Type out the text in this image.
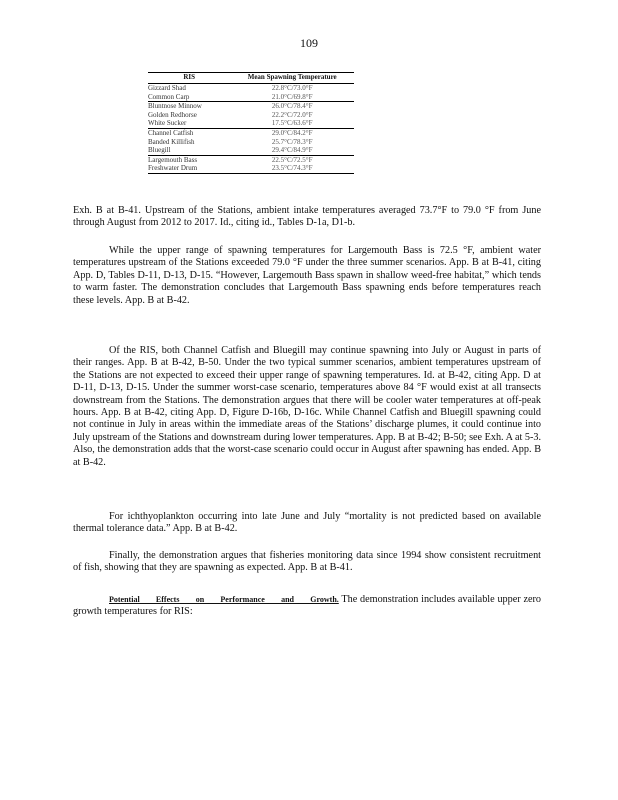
109
RIS	Mean Spawning Temperature
Gizzard Shad	22.8°C/73.0°F
Common Carp	21.0°C/69.8°F
Bluntnose Minnow	26.0°C/78.4°F
Golden Redhorse	22.2°C/72.0°F
White Sucker	17.5°C/63.6°F
Channel Catfish	29.0°C/84.2°F
Banded Killifish	25.7°C/78.3°F
Bluegill	29.4°C/84.9°F
Largemouth Bass	22.5°C/72.5°F
Freshwater Drum	23.5°C/74.3°F

Exh. B at B-41. Upstream of the Stations, ambient intake temperatures averaged 73.7°F to 79.0 °F from June through August from 2012 to 2017. Id., citing id., Tables D-1a, D1-b.

While the upper range of spawning temperatures for Largemouth Bass is 72.5 °F, ambient water temperatures upstream of the Stations exceeded 79.0 °F under the three summer scenarios. App. B at B-41, citing App. D, Tables D-11, D-13, D-15. “However, Largemouth Bass spawn in shallow weed-free habitat,” which tends to warm faster. The demonstration concludes that Largemouth Bass spawning ends before temperatures reach these levels. App. B at B-42.

Of the RIS, both Channel Catfish and Bluegill may continue spawning into July or August in parts of their ranges. App. B at B-42, B-50. Under the two typical summer scenarios, ambient temperatures upstream of the Stations are not expected to exceed their upper range of spawning temperatures. Id. at B-42, citing App. D at D-11, D-13, D-15. Under the summer worst-case scenario, temperatures above 84 °F would exist at all transects downstream from the Stations. The demonstration argues that there will be cooler water temperatures at off-peak hours. App. B at B-42, citing App. D, Figure D-16b, D-16c. While Channel Catfish and Bluegill spawning could not continue in July in areas within the immediate areas of the Stations’ discharge plumes, it could continue into July upstream of the Stations and downstream during lower temperatures. App. B at B-42; B-50; see Exh. A at 5-3. Also, the demonstration adds that the worst-case scenario could occur in August after spawning has ended. App. B at B-42.

For ichthyoplankton occurring into late June and July “mortality is not predicted based on available thermal tolerance data.” App. B at B-42.

Finally, the demonstration argues that fisheries monitoring data since 1994 show consistent recruitment of fish, showing that they are spawning as expected. App. B at B-41.

Potential Effects on Performance and Growth. The demonstration includes available upper zero growth temperatures for RIS:
